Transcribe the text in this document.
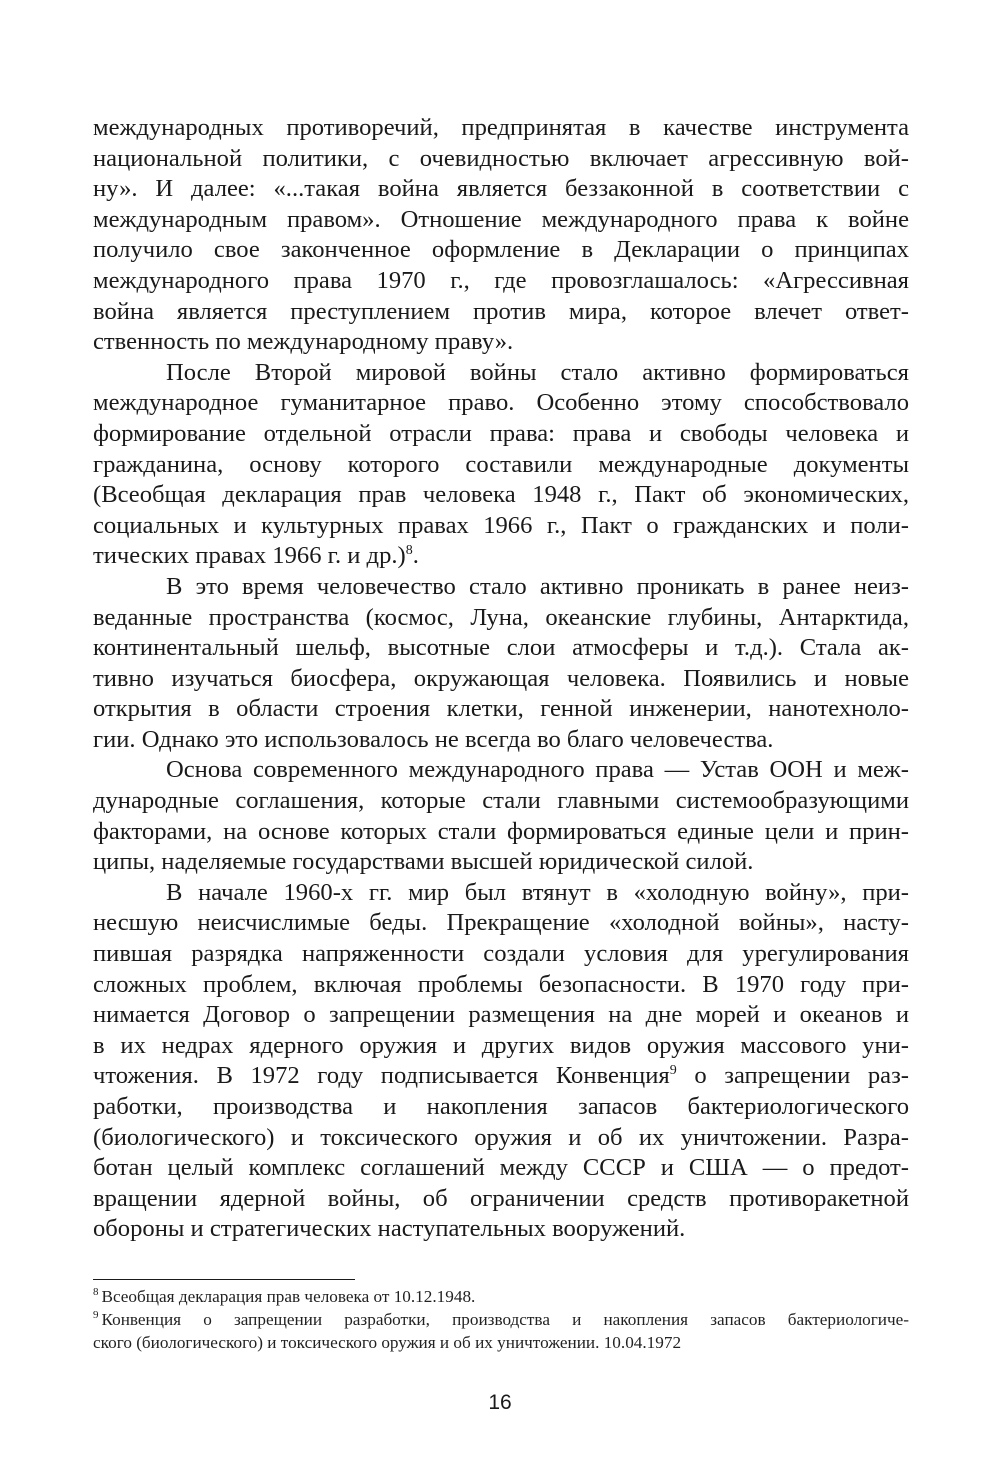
международных противоречий, предпринятая в качестве инструмента
национальной политики, с очевидностью включает агрессивную вой-
ну». И далее: «...такая война является беззаконной в соответствии с
международным правом». Отношение международного права к войне
получило свое законченное оформление в Декларации о принципах
международного права 1970 г., где провозглашалось: «Агрессивная
война является преступлением против мира, которое влечет ответ-
ственность по международному праву».
После Второй мировой войны стало активно формироваться
международное гуманитарное право. Особенно этому способствовало
формирование отдельной отрасли права: права и свободы человека и
гражданина, основу которого составили международные документы
(Всеобщая декларация прав человека 1948 г., Пакт об экономических,
социальных и культурных правах 1966 г., Пакт о гражданских и поли-
тических правах 1966 г. и др.)$^8$.
В это время человечество стало активно проникать в ранее неиз-
веданные пространства (космос, Луна, океанские глубины, Антарктида,
континентальный шельф, высотные слои атмосферы и т.д.). Стала ак-
тивно изучаться биосфера, окружающая человека. Появились и новые
открытия в области строения клетки, генной инженерии, нанотехноло-
гии. Однако это использовалось не всегда во благо человечества.
Основа современного международного права — Устав ООН и меж-
дународные соглашения, которые стали главными системообразующими
факторами, на основе которых стали формироваться единые цели и прин-
ципы, наделяемые государствами высшей юридической силой.
В начале 1960-х гг. мир был втянут в «холодную войну», при-
несшую неисчислимые беды. Прекращение «холодной войны», насту-
пившая разрядка напряженности создали условия для урегулирования
сложных проблем, включая проблемы безопасности. В 1970 году при-
нимается Договор о запрещении размещения на дне морей и океанов и
в их недрах ядерного оружия и других видов оружия массового уни-
чтожения. В 1972 году подписывается Конвенция$^9$ о запрещении раз-
работки, производства и накопления запасов бактериологического
(биологического) и токсического оружия и об их уничтожении. Разра-
ботан целый комплекс соглашений между СССР и США — о предот-
вращении ядерной войны, об ограничении средств противоракетной
обороны и стратегических наступательных вооружений.
$^8$ Всеобщая декларация прав человека от 10.12.1948.
$^9$ Конвенция о запрещении разработки, производства и накопления запасов бактериологиче-
ского (биологического) и токсического оружия и об их уничтожении. 10.04.1972
16
